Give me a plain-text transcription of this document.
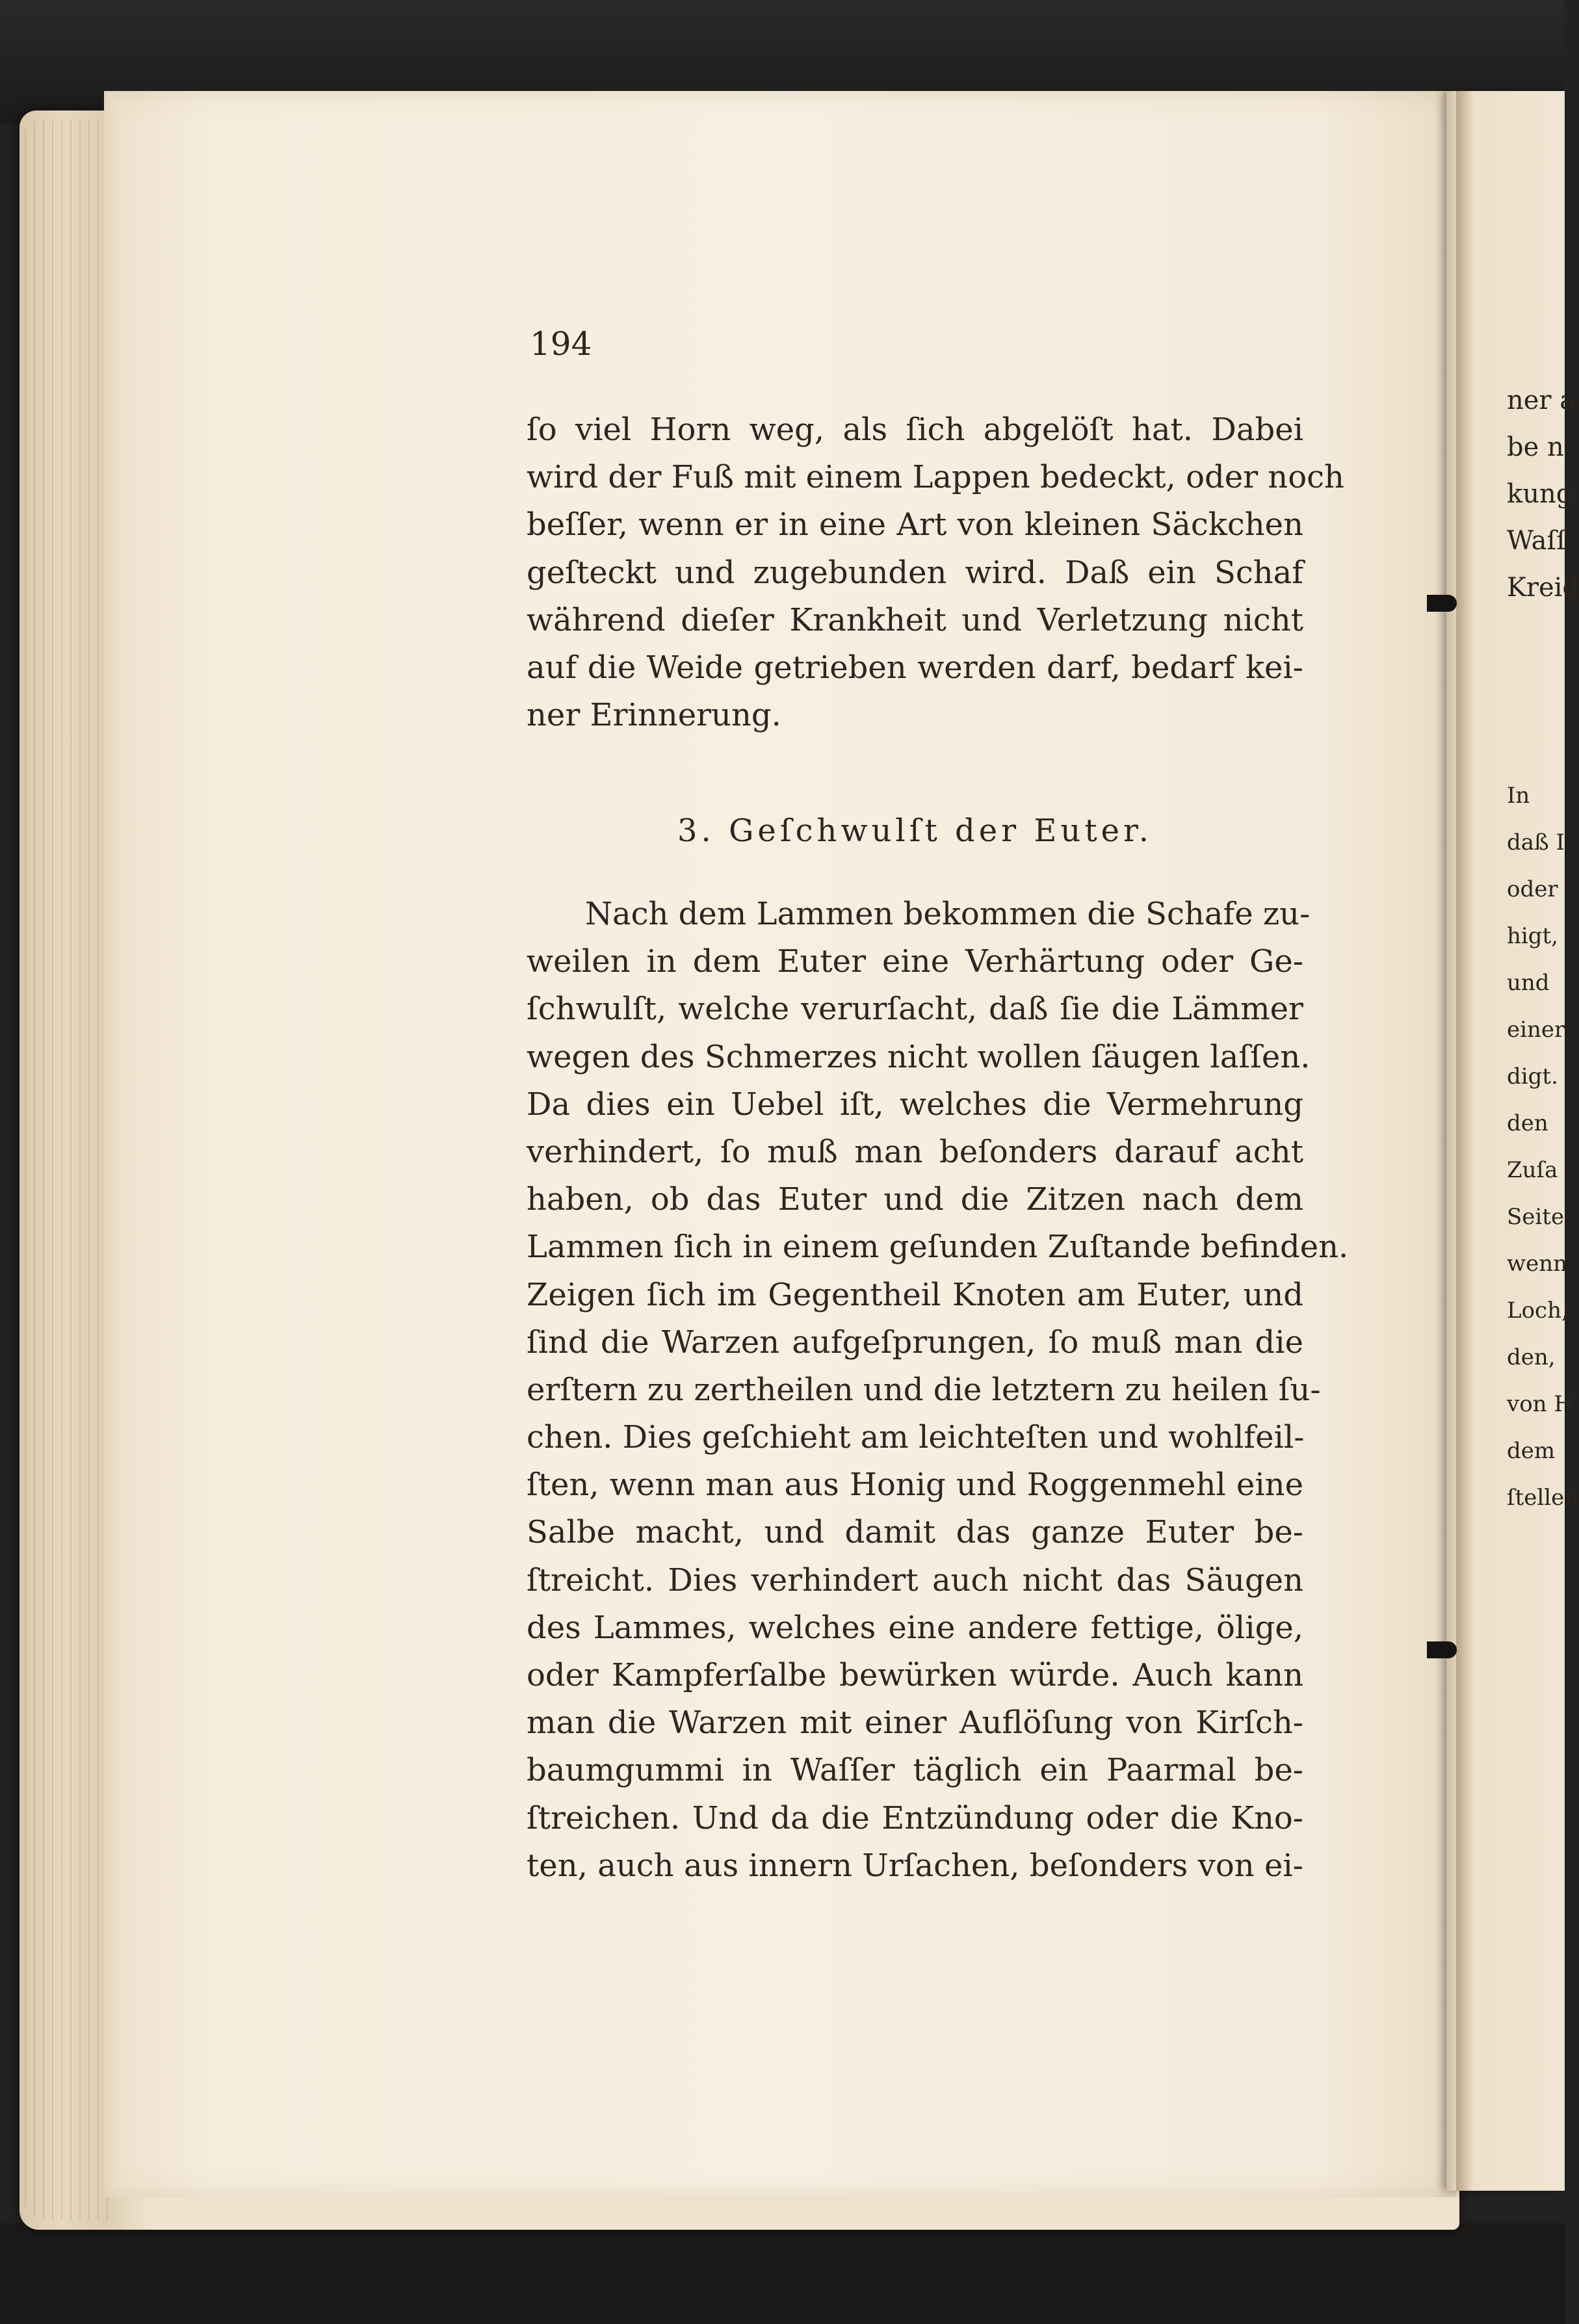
ner a
be n
kung
Waſſ
Kreid
In
daß I
oder
higt,
und
einer
digt.
den
Zuſa
Seite
wenn
Loch,
den,
von H
dem
ſtellen
194
ſo viel Horn weg, als ſich abgelöſt hat. Dabei
wird der Fuß mit einem Lappen bedeckt, oder noch
beſſer, wenn er in eine Art von kleinen Säckchen
geſteckt und zugebunden wird. Daß ein Schaf
während dieſer Krankheit und Verletzung nicht
auf die Weide getrieben werden darf, bedarf kei-
ner Erinnerung.
3. Geſchwulſt der Euter.
Nach dem Lammen bekommen die Schafe zu-
weilen in dem Euter eine Verhärtung oder Ge-
ſchwulſt, welche verurſacht, daß ſie die Lämmer
wegen des Schmerzes nicht wollen ſäugen laſſen.
Da dies ein Uebel iſt, welches die Vermehrung
verhindert, ſo muß man beſonders darauf acht
haben, ob das Euter und die Zitzen nach dem
Lammen ſich in einem geſunden Zuſtande befinden.
Zeigen ſich im Gegentheil Knoten am Euter, und
ſind die Warzen aufgeſprungen, ſo muß man die
erſtern zu zertheilen und die letztern zu heilen ſu-
chen. Dies geſchieht am leichteſten und wohlfeil-
ſten, wenn man aus Honig und Roggenmehl eine
Salbe macht, und damit das ganze Euter be-
ſtreicht. Dies verhindert auch nicht das Säugen
des Lammes, welches eine andere fettige, ölige,
oder Kampferſalbe bewürken würde. Auch kann
man die Warzen mit einer Auflöſung von Kirſch-
baumgummi in Waſſer täglich ein Paarmal be-
ſtreichen. Und da die Entzündung oder die Kno-
ten, auch aus innern Urſachen, beſonders von ei-
